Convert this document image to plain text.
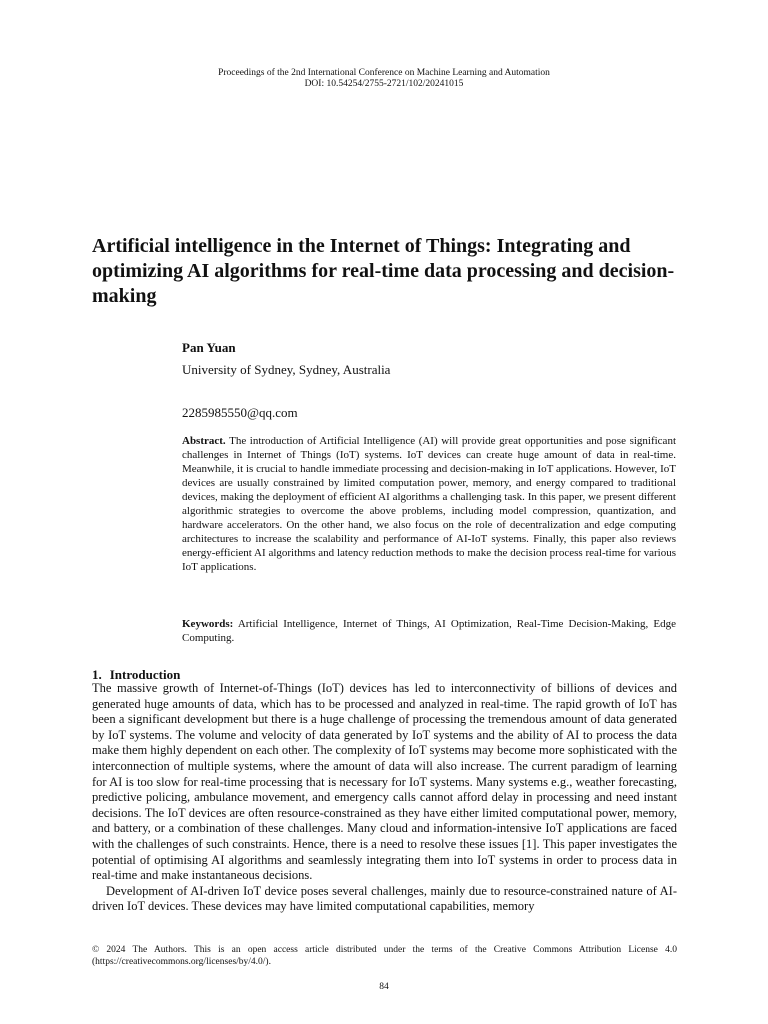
Proceedings of the 2nd International Conference on Machine Learning and Automation
DOI: 10.54254/2755-2721/102/20241015
Artificial intelligence in the Internet of Things: Integrating and optimizing AI algorithms for real-time data processing and decision-making
Pan Yuan
University of Sydney, Sydney, Australia
2285985550@qq.com
Abstract. The introduction of Artificial Intelligence (AI) will provide great opportunities and pose significant challenges in Internet of Things (IoT) systems. IoT devices can create huge amount of data in real-time. Meanwhile, it is crucial to handle immediate processing and decision-making in IoT applications. However, IoT devices are usually constrained by limited computation power, memory, and energy compared to traditional devices, making the deployment of efficient AI algorithms a challenging task. In this paper, we present different algorithmic strategies to overcome the above problems, including model compression, quantization, and hardware accelerators. On the other hand, we also focus on the role of decentralization and edge computing architectures to increase the scalability and performance of AI-IoT systems. Finally, this paper also reviews energy-efficient AI algorithms and latency reduction methods to make the decision process real-time for various IoT applications.
Keywords: Artificial Intelligence, Internet of Things, AI Optimization, Real-Time Decision-Making, Edge Computing.
1. Introduction

The massive growth of Internet-of-Things (IoT) devices has led to interconnectivity of billions of devices and generated huge amounts of data, which has to be processed and analyzed in real-time. The rapid growth of IoT has been a significant development but there is a huge challenge of processing the tremendous amount of data generated by IoT systems. The volume and velocity of data generated by IoT systems and the ability of AI to process the data make them highly dependent on each other. The complexity of IoT systems may become more sophisticated with the interconnection of multiple systems, where the amount of data will also increase. The current paradigm of learning for AI is too slow for real-time processing that is necessary for IoT systems. Many systems e.g., weather forecasting, predictive policing, ambulance movement, and emergency calls cannot afford delay in processing and need instant decisions. The IoT devices are often resource-constrained as they have either limited computational power, memory, and battery, or a combination of these challenges. Many cloud and information-intensive IoT applications are faced with the challenges of such constraints. Hence, there is a need to resolve these issues [1]. This paper investigates the potential of optimising AI algorithms and seamlessly integrating them into IoT systems in order to process data in real-time and make instantaneous decisions.

Development of AI-driven IoT device poses several challenges, mainly due to resource-constrained nature of AI-driven IoT devices. These devices may have limited computational capabilities, memory

© 2024 The Authors. This is an open access article distributed under the terms of the Creative Commons Attribution License 4.0 (https://creativecommons.org/licenses/by/4.0/).
84
